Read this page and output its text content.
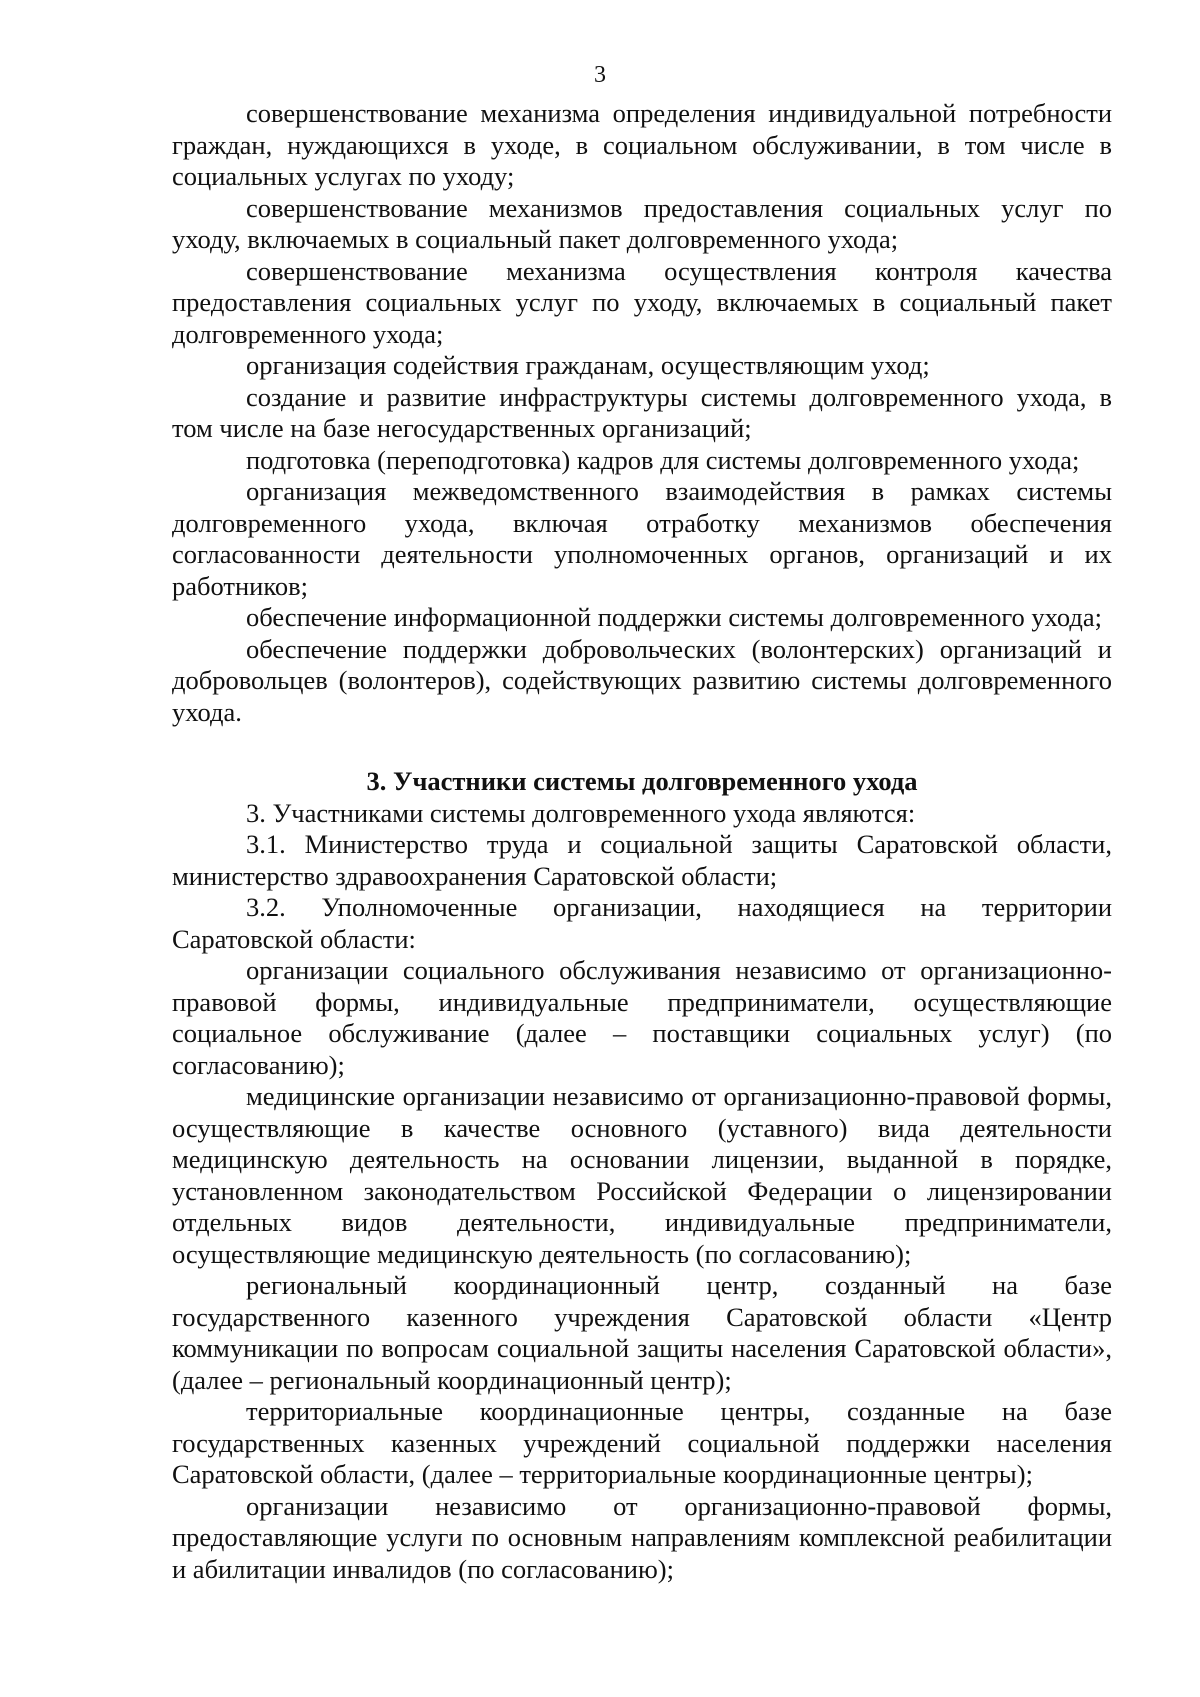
3

совершенствование механизма определения индивидуальной потребности граждан, нуждающихся в уходе, в социальном обслуживании, в том числе в социальных услугах по уходу;

совершенствование механизмов предоставления социальных услуг по уходу, включаемых в социальный пакет долговременного ухода;

совершенствование механизма осуществления контроля качества предоставления социальных услуг по уходу, включаемых в социальный пакет долговременного ухода;

организация содействия гражданам, осуществляющим уход;

создание и развитие инфраструктуры системы долговременного ухода, в том числе на базе негосударственных организаций;

подготовка (переподготовка) кадров для системы долговременного ухода;

организация межведомственного взаимодействия в рамках системы долговременного ухода, включая отработку механизмов обеспечения согласованности деятельности уполномоченных органов, организаций и их работников;

обеспечение информационной поддержки системы долговременного ухода;

обеспечение поддержки добровольческих (волонтерских) организаций и добровольцев (волонтеров), содействующих развитию системы долговременного ухода.

3. Участники системы долговременного ухода

3. Участниками системы долговременного ухода являются:

3.1. Министерство труда и социальной защиты Саратовской области, министерство здравоохранения Саратовской области;

3.2. Уполномоченные организации, находящиеся на территории Саратовской области:

организации социального обслуживания независимо от организационно-правовой формы, индивидуальные предприниматели, осуществляющие социальное обслуживание (далее – поставщики социальных услуг) (по согласованию);

медицинские организации независимо от организационно-правовой формы, осуществляющие в качестве основного (уставного) вида деятельности медицинскую деятельность на основании лицензии, выданной в порядке, установленном законодательством Российской Федерации о лицензировании отдельных видов деятельности, индивидуальные предприниматели, осуществляющие медицинскую деятельность (по согласованию);

региональный координационный центр, созданный на базе государственного казенного учреждения Саратовской области «Центр коммуникации по вопросам социальной защиты населения Саратовской области», (далее – региональный координационный центр);

территориальные координационные центры, созданные на базе государственных казенных учреждений социальной поддержки населения Саратовской области, (далее – территориальные координационные центры);

организации независимо от организационно-правовой формы, предоставляющие услуги по основным направлениям комплексной реабилитации и абилитации инвалидов (по согласованию);
